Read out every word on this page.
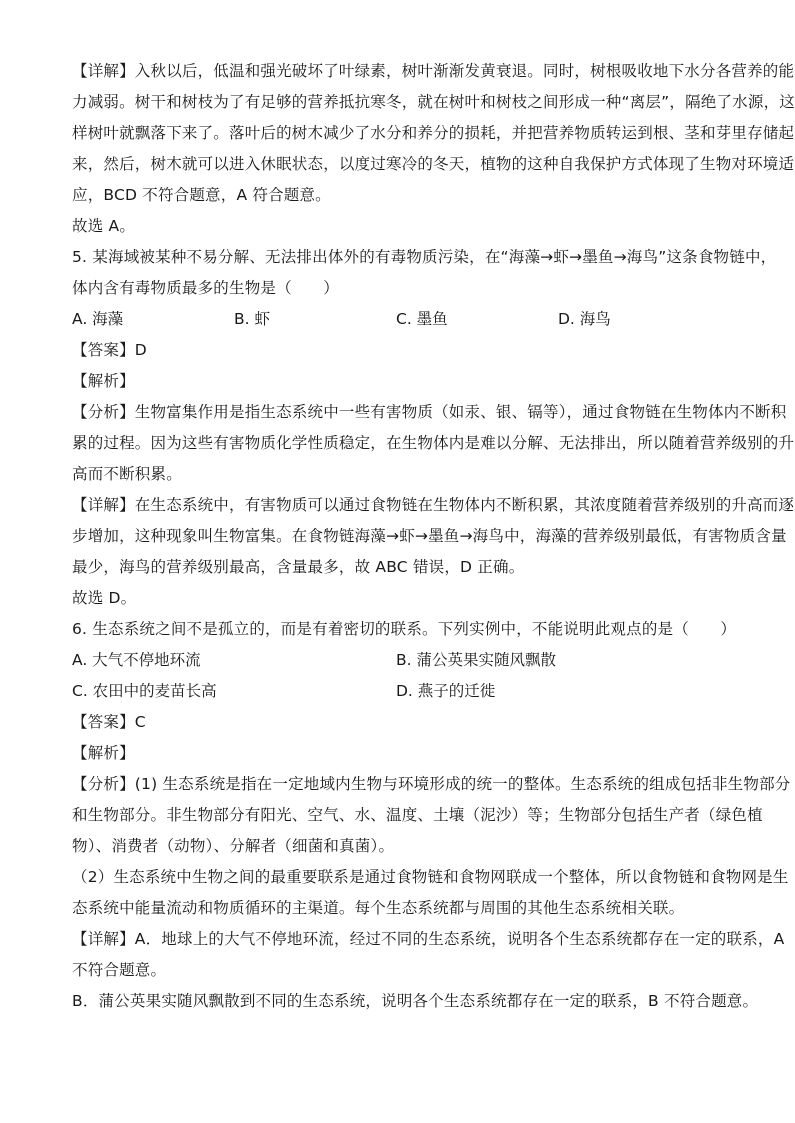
【详解】入秋以后，低温和强光破坏了叶绿素，树叶渐渐发黄衰退。同时，树根吸收地下水分各营养的能
力减弱。树干和树枝为了有足够的营养抵抗寒冬，就在树叶和树枝之间形成一种“离层”，隔绝了水源，这
样树叶就飘落下来了。落叶后的树木减少了水分和养分的损耗，并把营养物质转运到根、茎和芽里存储起
来，然后，树木就可以进入休眠状态，以度过寒冷的冬天，植物的这种自我保护方式体现了生物对环境适
应，BCD 不符合题意，A 符合题意。
故选 A。
5. 某海域被某种不易分解、无法排出体外的有毒物质污染，在“海藻→虾→墨鱼→海鸟”这条食物链中，
体内含有毒物质最多的生物是（　　）
A. 海藻	B. 虾	C. 墨鱼	D. 海鸟
【答案】D
【解析】
【分析】生物富集作用是指生态系统中一些有害物质（如汞、银、镉等），通过食物链在生物体内不断积
累的过程。因为这些有害物质化学性质稳定，在生物体内是难以分解、无法排出，所以随着营养级别的升
高而不断积累。
【详解】在生态系统中，有害物质可以通过食物链在生物体内不断积累，其浓度随着营养级别的升高而逐
步增加，这种现象叫生物富集。在食物链海藻→虾→墨鱼→海鸟中，海藻的营养级别最低，有害物质含量
最少，海鸟的营养级别最高，含量最多，故 ABC 错误，D 正确。
故选 D。
6. 生态系统之间不是孤立的，而是有着密切的联系。下列实例中，不能说明此观点的是（　　）
A. 大气不停地环流	B. 蒲公英果实随风飘散
C. 农田中的麦苗长高	D. 燕子的迁徙
【答案】C
【解析】
【分析】(1) 生态系统是指在一定地域内生物与环境形成的统一的整体。生态系统的组成包括非生物部分
和生物部分。非生物部分有阳光、空气、水、温度、土壤（泥沙）等；生物部分包括生产者（绿色植
物）、消费者（动物）、分解者（细菌和真菌）。
（2）生态系统中生物之间的最重要联系是通过食物链和食物网联成一个整体，所以食物链和食物网是生
态系统中能量流动和物质循环的主渠道。每个生态系统都与周围的其他生态系统相关联。
【详解】A．地球上的大气不停地环流，经过不同的生态系统，说明各个生态系统都存在一定的联系，A
不符合题意。
B．蒲公英果实随风飘散到不同的生态系统，说明各个生态系统都存在一定的联系，B 不符合题意。
